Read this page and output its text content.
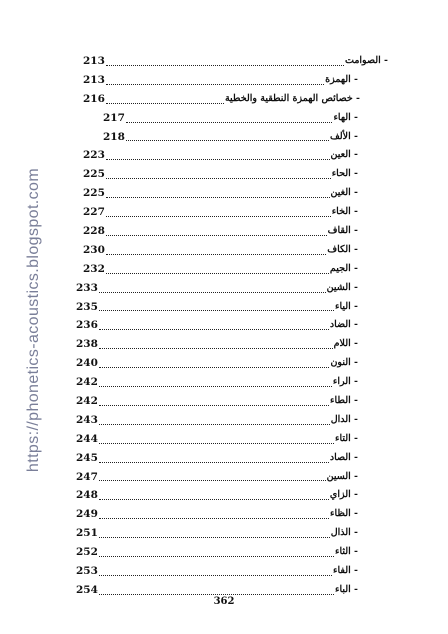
https://phonetics-acoustics.blogspot.com
213	- الصوامت
213	- الهمزة
216	- خصائص الهمزة النطقية والخطية
217	- الهاء
218	- الألف
223	- العين
225	- الحاء
225	- الغين
227	- الخاء
228	- القاف
230	- الكاف
232	- الجيم
233	- الشين
235	- الياء
236	- الضاد
238	- اللام
240	- النون
242	- الراء
242	- الطاء
243	- الدال
244	- التاء
245	- الصاد
247	- السين
248	- الزاي
249	- الظاء
251	- الذال
252	- الثاء
253	- الفاء
254	- الباء
362
